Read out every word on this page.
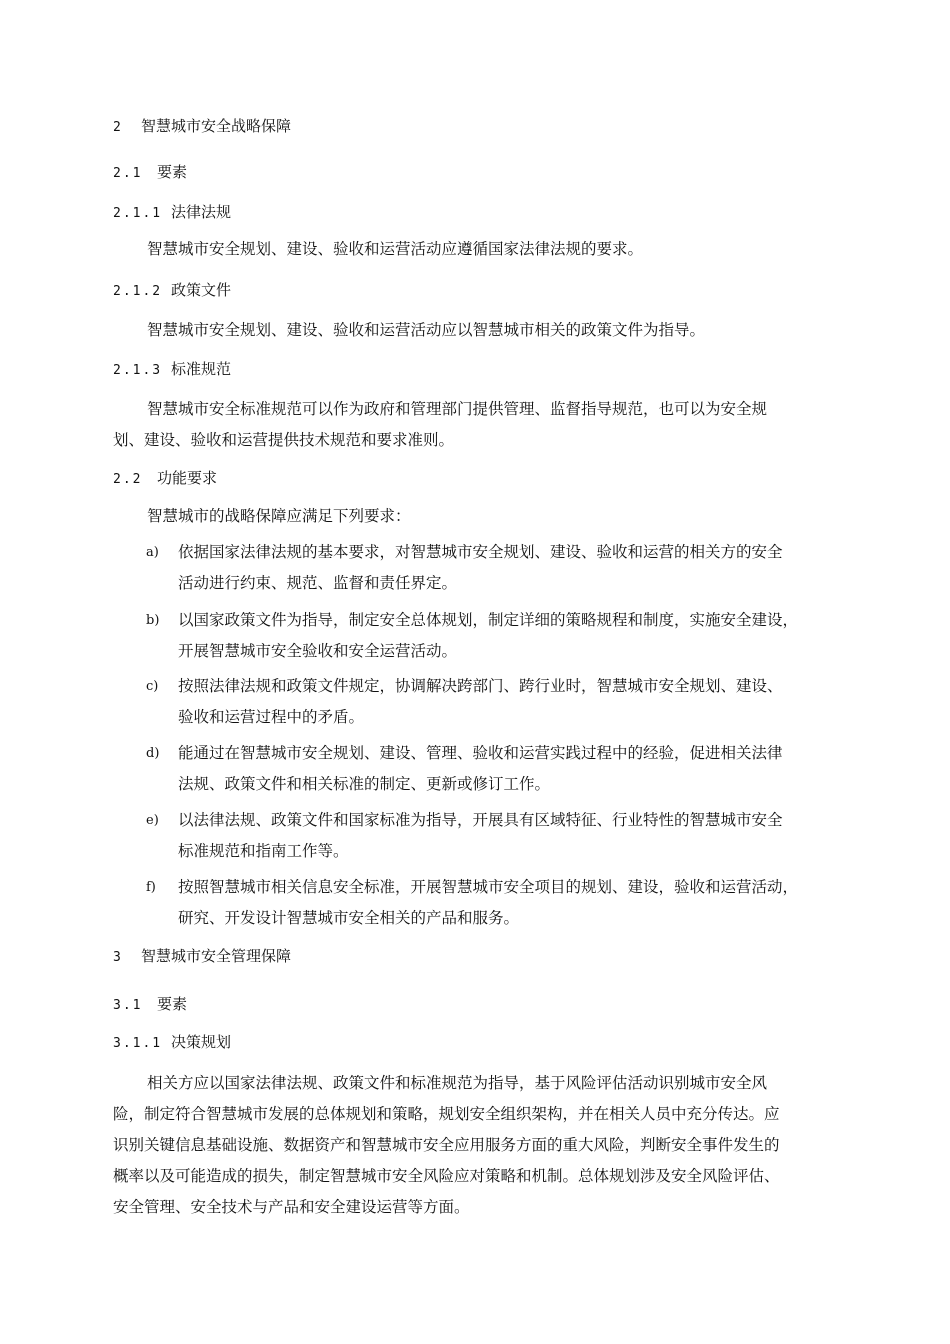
2 智慧城市安全战略保障
2.1 要素
2.1.1 法律法规
智慧城市安全规划、建设、验收和运营活动应遵循国家法律法规的要求。
2.1.2 政策文件
智慧城市安全规划、建设、验收和运营活动应以智慧城市相关的政策文件为指导。
2.1.3 标准规范
智慧城市安全标准规范可以作为政府和管理部门提供管理、监督指导规范，也可以为安全规
划、建设、验收和运营提供技术规范和要求准则。
2.2 功能要求
智慧城市的战略保障应满足下列要求：
a) 依据国家法律法规的基本要求，对智慧城市安全规划、建设、验收和运营的相关方的安全
活动进行约束、规范、监督和责任界定。
b) 以国家政策文件为指导，制定安全总体规划，制定详细的策略规程和制度，实施安全建设，
开展智慧城市安全验收和安全运营活动。
c) 按照法律法规和政策文件规定，协调解决跨部门、跨行业时，智慧城市安全规划、建设、
验收和运营过程中的矛盾。
d) 能通过在智慧城市安全规划、建设、管理、验收和运营实践过程中的经验，促进相关法律
法规、政策文件和相关标准的制定、更新或修订工作。
e) 以法律法规、政策文件和国家标准为指导，开展具有区域特征、行业特性的智慧城市安全
标准规范和指南工作等。
f) 按照智慧城市相关信息安全标准，开展智慧城市安全项目的规划、建设，验收和运营活动，
研究、开发设计智慧城市安全相关的产品和服务。
3 智慧城市安全管理保障
3.1 要素
3.1.1 决策规划
相关方应以国家法律法规、政策文件和标准规范为指导，基于风险评估活动识别城市安全风
险，制定符合智慧城市发展的总体规划和策略，规划安全组织架构，并在相关人员中充分传达。应
识别关键信息基础设施、数据资产和智慧城市安全应用服务方面的重大风险，判断安全事件发生的
概率以及可能造成的损失，制定智慧城市安全风险应对策略和机制。总体规划涉及安全风险评估、
安全管理、安全技术与产品和安全建设运营等方面。
